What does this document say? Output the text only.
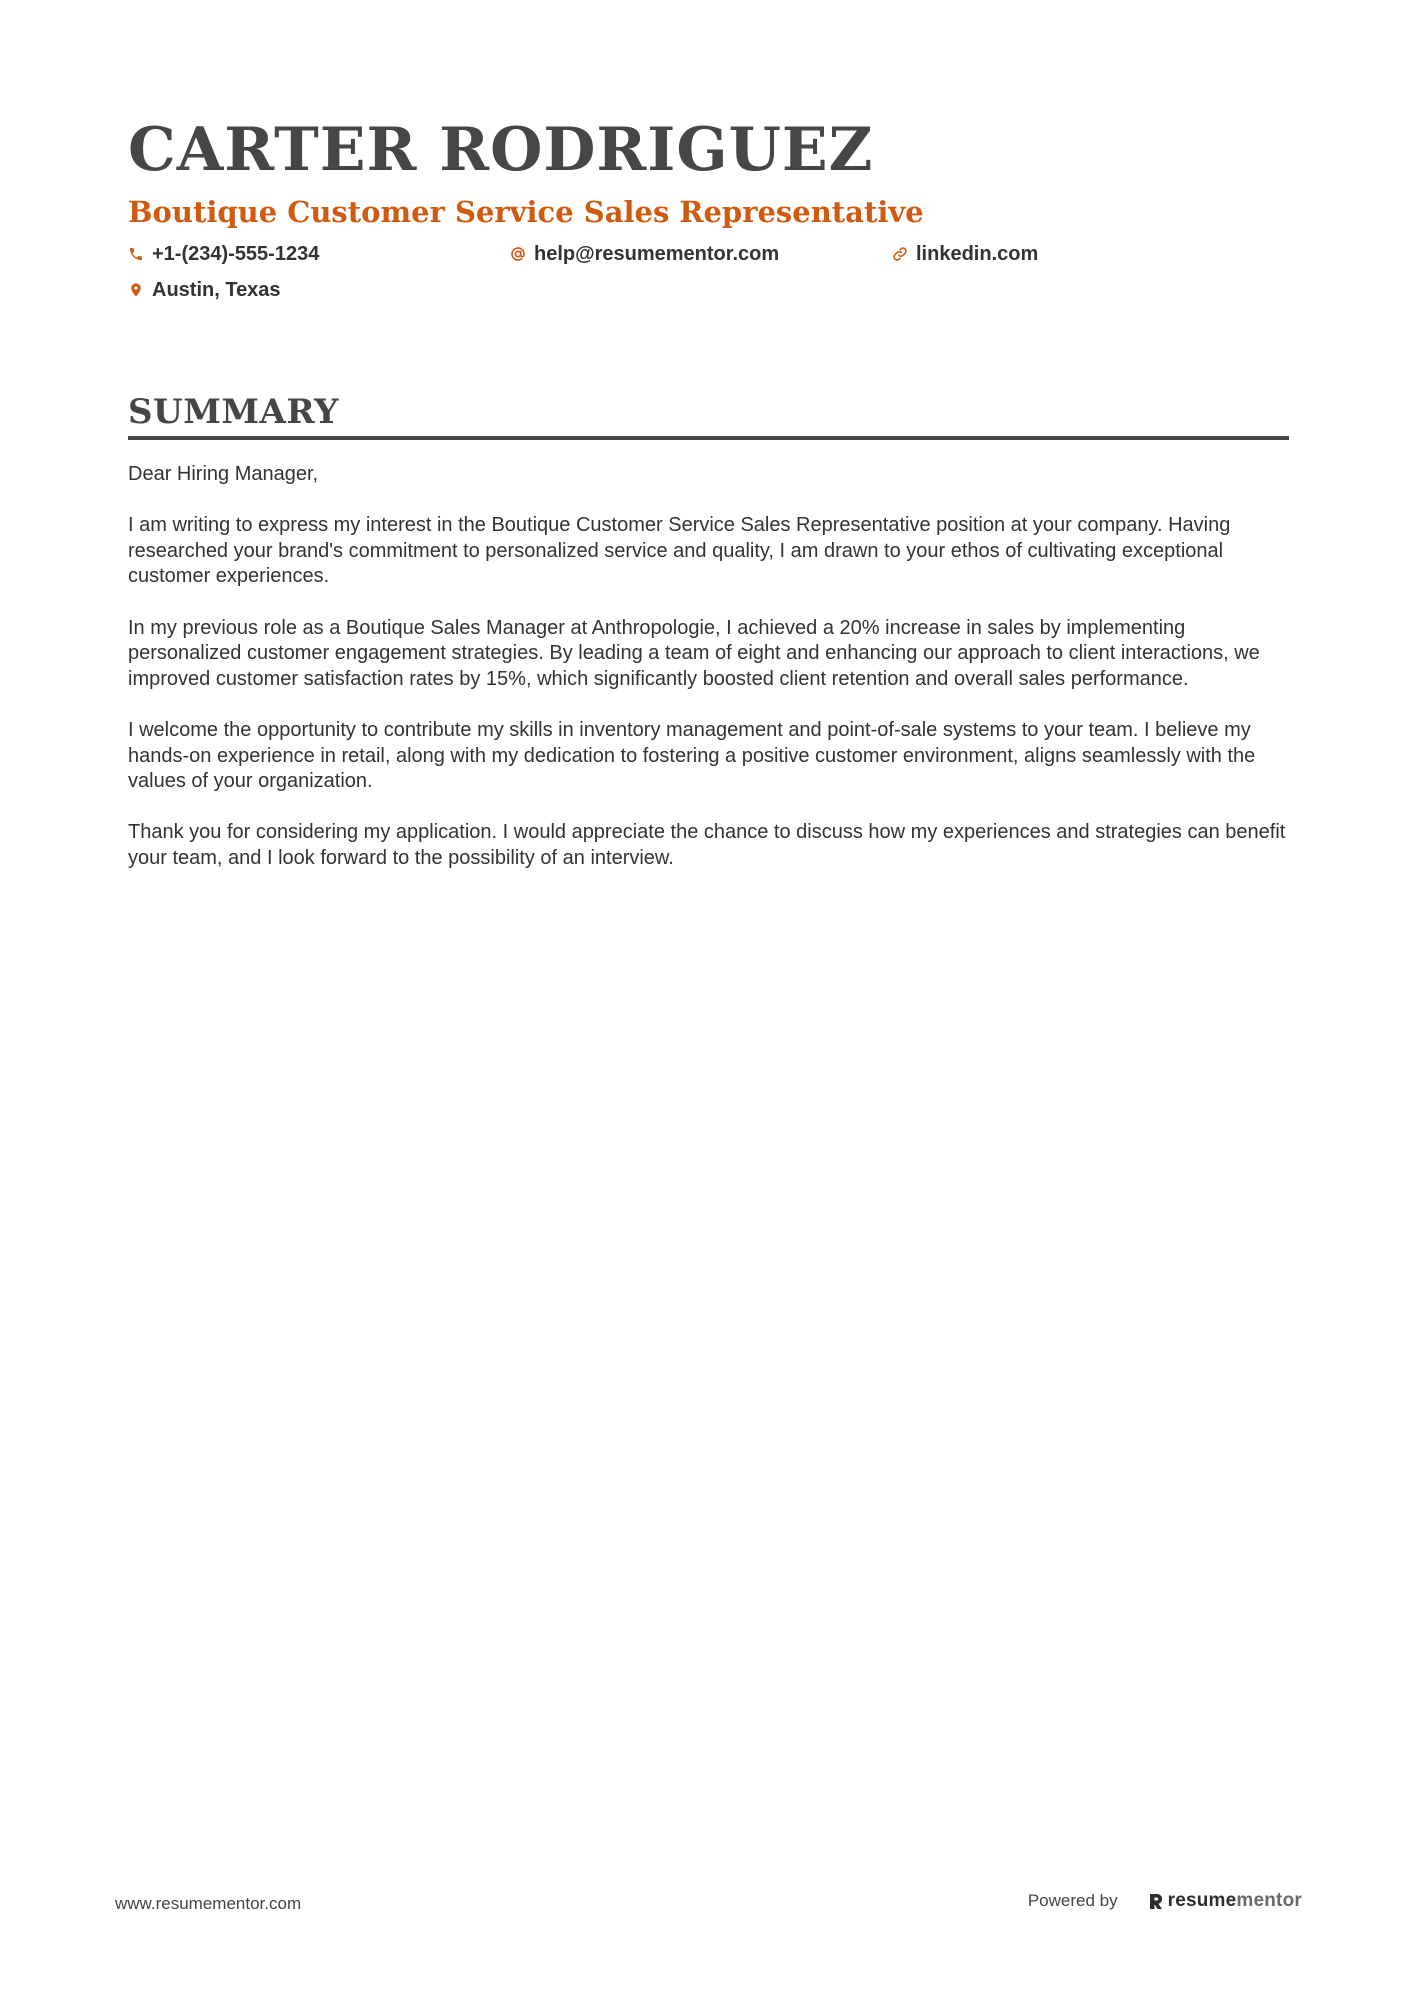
CARTER RODRIGUEZ
Boutique Customer Service Sales Representative
+1-(234)-555-1234	help@resumementor.com	linkedin.com
Austin, Texas
SUMMARY

Dear Hiring Manager,

I am writing to express my interest in the Boutique Customer Service Sales Representative position at your company. Having researched your brand's commitment to personalized service and quality, I am drawn to your ethos of cultivating exceptional customer experiences.

In my previous role as a Boutique Sales Manager at Anthropologie, I achieved a 20% increase in sales by implementing personalized customer engagement strategies. By leading a team of eight and enhancing our approach to client interactions, we improved customer satisfaction rates by 15%, which significantly boosted client retention and overall sales performance.

I welcome the opportunity to contribute my skills in inventory management and point-of-sale systems to your team. I believe my hands-on experience in retail, along with my dedication to fostering a positive customer environment, aligns seamlessly with the values of your organization.

Thank you for considering my application. I would appreciate the chance to discuss how my experiences and strategies can benefit your team, and I look forward to the possibility of an interview.

www.resumementor.com	Powered by	resume mentor
